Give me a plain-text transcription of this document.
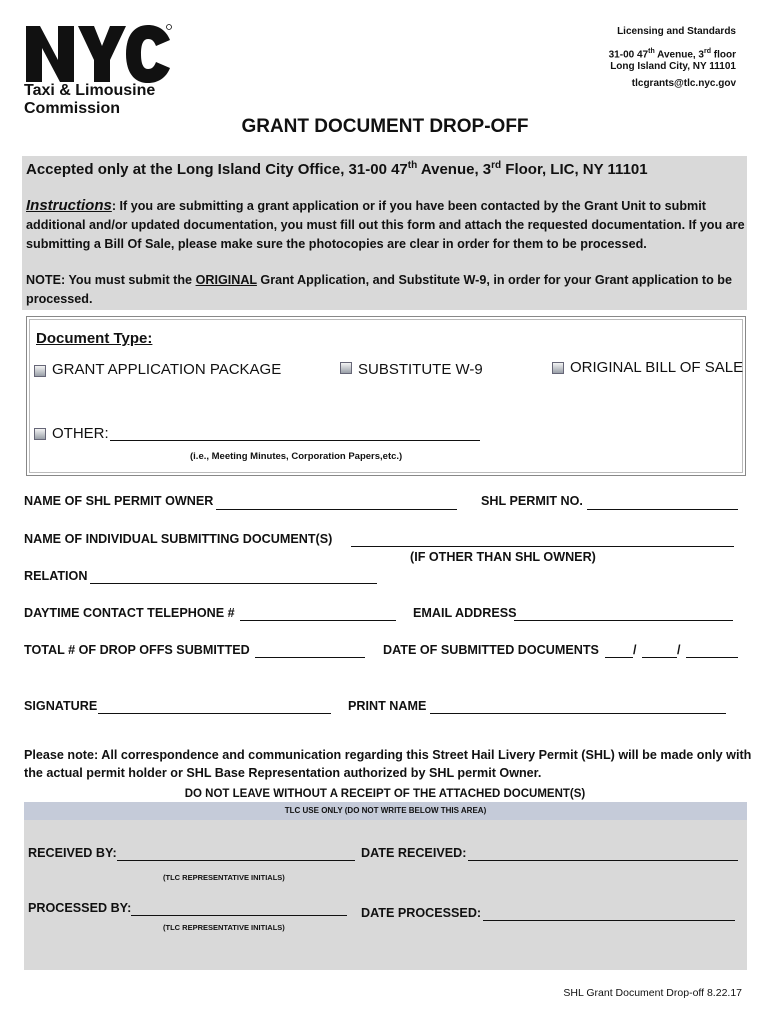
Taxi & Limousine
Commission
Licensing and Standards
31-00 47th Avenue, 3rd floor
Long Island City, NY 11101
tlcgrants@tlc.nyc.gov
GRANT DOCUMENT DROP-OFF
Accepted only at the Long Island City Office, 31-00 47th Avenue, 3rd Floor, LIC, NY 11101
Instructions: If you are submitting a grant application or if you have been contacted by the Grant Unit to submit additional and/or updated documentation, you must fill out this form and attach the requested documentation. If you are submitting a Bill Of Sale, please make sure the photocopies are clear in order for them to be processed.
NOTE: You must submit the ORIGINAL Grant Application, and Substitute W-9, in order for your Grant application to be processed.
Document Type:
GRANT APPLICATION PACKAGE	SUBSTITUTE W-9	ORIGINAL BILL OF SALE
OTHER:
(i.e., Meeting Minutes, Corporation Papers,etc.)
NAME OF SHL PERMIT OWNER	SHL PERMIT NO.
NAME OF INDIVIDUAL SUBMITTING DOCUMENT(S)
(IF OTHER THAN SHL OWNER)
RELATION
DAYTIME CONTACT TELEPHONE #	EMAIL ADDRESS
TOTAL # OF DROP OFFS SUBMITTED	DATE OF SUBMITTED DOCUMENTS	/	/
SIGNATURE	PRINT NAME
Please note: All correspondence and communication regarding this Street Hail Livery Permit (SHL) will be made only with the actual permit holder or SHL Base Representation authorized by SHL permit Owner.
DO NOT LEAVE WITHOUT A RECEIPT OF THE ATTACHED DOCUMENT(S)
TLC USE ONLY (DO NOT WRITE BELOW THIS AREA)
RECEIVED BY:	DATE RECEIVED:
(TLC REPRESENTATIVE INITIALS)
PROCESSED BY:	DATE PROCESSED:
(TLC REPRESENTATIVE INITIALS)
SHL Grant Document Drop-off 8.22.17
